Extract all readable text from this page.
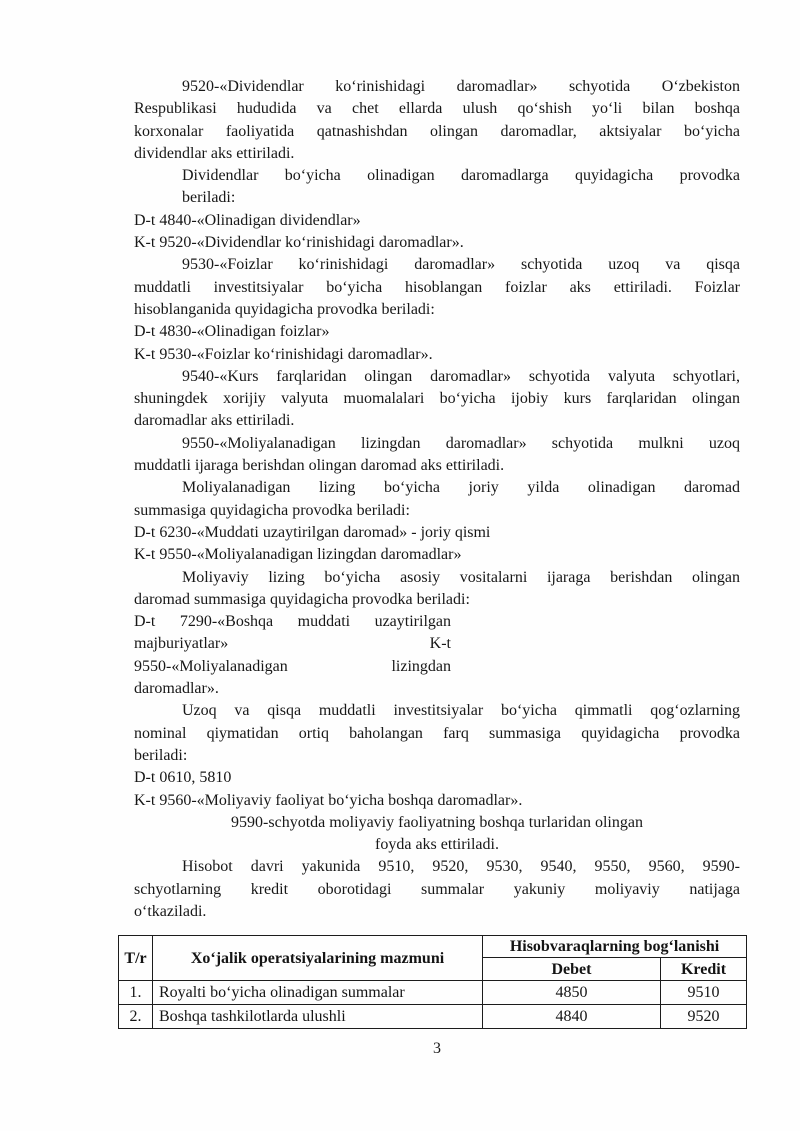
9520-«Dividendlar ko‘rinishidagi daromadlar» schyotida O‘zbekiston
Respublikasi hududida va chet ellarda ulush qo‘shish yo‘li bilan boshqa
korxonalar faoliyatida qatnashishdan olingan daromadlar, aktsiyalar bo‘yicha
dividendlar aks ettiriladi.
Dividendlar bo‘yicha olinadigan daromadlarga quyidagicha provodka
beriladi:
D-t 4840-«Olinadigan dividendlar»
K-t 9520-«Dividendlar ko‘rinishidagi daromadlar».
9530-«Foizlar ko‘rinishidagi daromadlar» schyotida uzoq va qisqa
muddatli investitsiyalar bo‘yicha hisoblangan foizlar aks ettiriladi. Foizlar
hisoblanganida quyidagicha provodka beriladi:
D-t 4830-«Olinadigan foizlar»
K-t 9530-«Foizlar ko‘rinishidagi daromadlar».
9540-«Kurs farqlaridan olingan daromadlar» schyotida valyuta schyotlari,
shuningdek xorijiy valyuta muomalalari bo‘yicha ijobiy kurs farqlaridan olingan
daromadlar aks ettiriladi.
9550-«Moliyalanadigan lizingdan daromadlar» schyotida mulkni uzoq
muddatli ijaraga berishdan olingan daromad aks ettiriladi.
Moliyalanadigan lizing bo‘yicha joriy yilda olinadigan daromad
summasiga quyidagicha provodka beriladi:
D-t 6230-«Muddati uzaytirilgan daromad» - joriy qismi
K-t 9550-«Moliyalanadigan lizingdan daromadlar»
Moliyaviy lizing bo‘yicha asosiy vositalarni ijaraga berishdan olingan
daromad summasiga quyidagicha provodka beriladi:
D-t 7290-«Boshqa muddati uzaytirilgan
majburiyatlar» K-t
9550-«Moliyalanadigan lizingdan
daromadlar».
Uzoq va qisqa muddatli investitsiyalar bo‘yicha qimmatli qog‘ozlarning
nominal qiymatidan ortiq baholangan farq summasiga quyidagicha provodka
beriladi:
D-t 0610, 5810
K-t 9560-«Moliyaviy faoliyat bo‘yicha boshqa daromadlar».
9590-schyotda moliyaviy faoliyatning boshqa turlaridan olingan
foyda aks ettiriladi.
Hisobot davri yakunida 9510, 9520, 9530, 9540, 9550, 9560, 9590-
schyotlarning kredit oborotidagi summalar yakuniy moliyaviy natijaga
o‘tkaziladi.
T/r	Xo‘jalik operatsiyalarining mazmuni	Hisobvaraqlarning bog‘lanishi	
		Debet	Kredit
1.	Royalti bo‘yicha olinadigan summalar	4850	9510
2.	Boshqa tashkilotlarda ulushli	4840	9520
3
